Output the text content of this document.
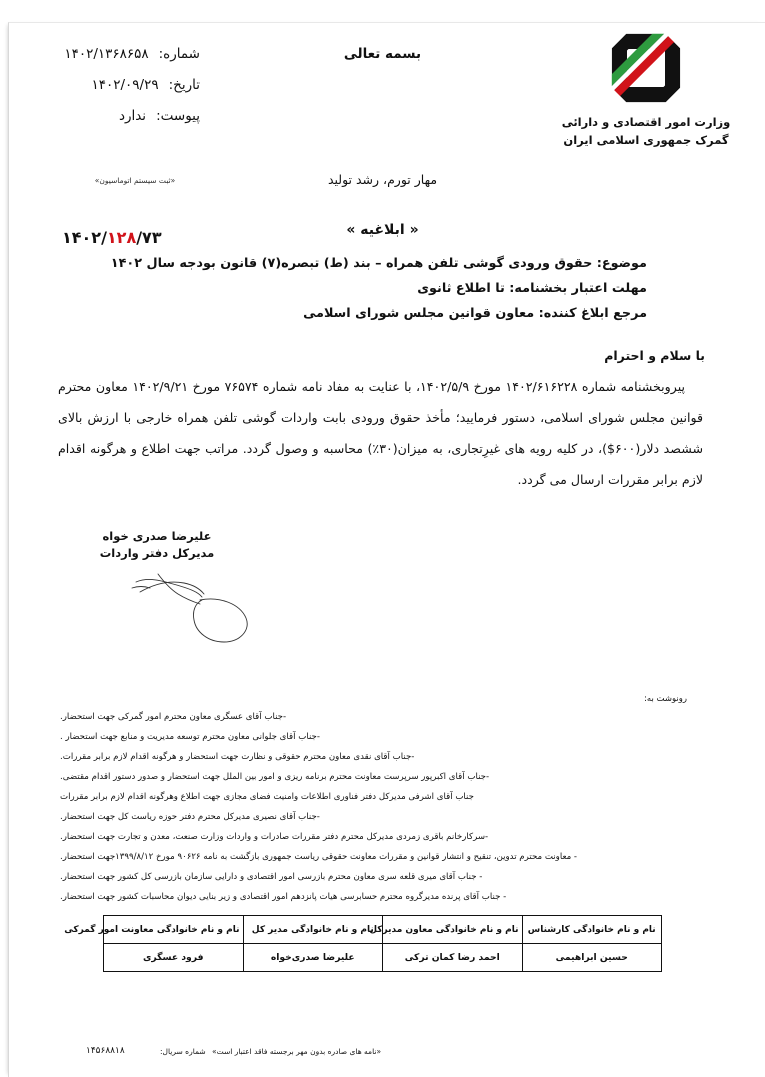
بسمه تعالی
شماره:
۱۴۰۲/۱۳۶۸۶۵۸
تاریخ:
۱۴۰۲/۰۹/۲۹
پیوست:
ندارد
«ثبت سیستم اتوماسیون»
وزارت امور اقتصادی و دارائی
گمرک جمهوری اسلامی ایران
مهار تورم، رشد تولید
« ابلاغیه »
۱۴۰۲/۱۲۸/۷۳
موضوع: حقوق ورودی گوشی تلفن همراه – بند (ط) تبصره(۷) قانون بودجه سال ۱۴۰۲
مهلت اعتبار بخشنامه: تا اطلاع ثانوی
مرجع ابلاغ کننده: معاون قوانین مجلس شورای اسلامی
با سلام و احترام
پیروبخشنامه شماره ۱۴۰۲/۶۱۶۲۲۸ مورخ ۱۴۰۲/۵/۹، با عنایت به مفاد نامه شماره ۷۶۵۷۴ مورخ ۱۴۰۲/۹/۲۱ معاون محترم قوانین مجلس شورای اسلامی، دستور فرمایید؛ مأخذ حقوق ورودی بابت واردات گوشی تلفن همراه خارجی با ارزش بالای ششصد دلار(۶۰۰$)، در کلیه رویه های غیرِتجاری، به میزان(۳۰٪) محاسبه و وصول گردد. مراتب جهت اطلاع و هرگونه اقدام لازم برابر مقررات ارسال می گردد.
علیرضا صدری خواه
مدیرکل دفتر واردات
رونوشت به:
-جناب آقای عسگری معاون محترم امور گمرکی جهت استحضار.
-جناب آقای جلوانی معاون محترم توسعه مدیریت و منابع جهت استحضار .
-جناب آقای نقدی معاون محترم حقوقی و نظارت جهت استحضار و هرگونه اقدام لازم برابر مقررات.
-جناب آقای اکبرپور سرپرست معاونت محترم برنامه ریزی و امور بین الملل جهت استحضار و صدور دستور اقدام مقتضی.
جناب آقای اشرفی مدیرکل دفتر فناوری اطلاعات وامنیت فضای مجازی جهت اطلاع وهرگونه اقدام لازم برابر مقررات
-جناب آقای نصیری مدیرکل محترم دفتر حوزه ریاست کل جهت استحضار.
-سرکارخانم باقری زمردی مدیرکل محترم دفتر مقررات صادرات و واردات وزارت صنعت، معدن و تجارت جهت استحضار.
- معاونت محترم تدوین، تنقیح و انتشار قوانین و مقررات معاونت حقوقی ریاست جمهوری بازگشت به نامه ۹۰۶۲۶ مورخ ۱۳۹۹/۸/۱۲جهت استحضار.
- جناب آقای میری قلعه سری معاون محترم بازرسی امور اقتصادی و دارایی سازمان بازرسی کل کشور جهت استحضار.
- جناب آقای پرنده مدیرگروه محترم حسابرسی هیات پانزدهم امور اقتصادی و زیر بنایی دیوان محاسبات کشور جهت استحضار.
نام و نام خانوادگی کارشناس	نام و نام خانوادگی معاون مدیرکل	نام و نام خانوادگی مدیر کل	نام و نام خانوادگی معاونت امور گمرکی
حسین ابراهیمی	احمد رضا کمان ترکی	علیرضا صدری‌خواه	فرود عسگری
۱۴۵۶۸۸۱۸	شماره سریال: «نامه های صادره بدون مهر برجسته فاقد اعتبار است»
